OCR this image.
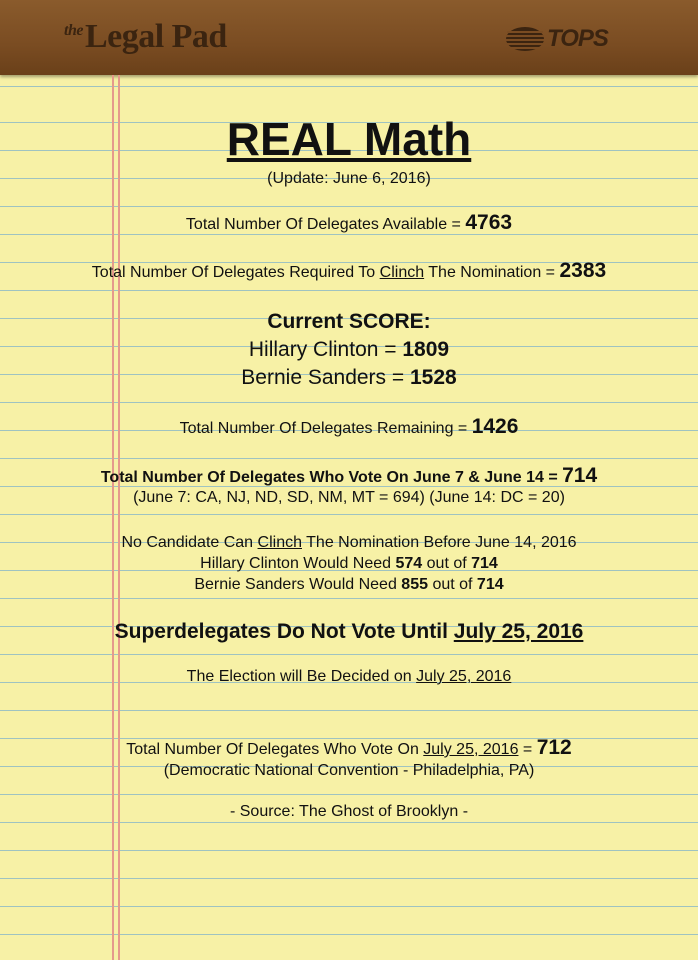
$^{the}$Legal Pad	TOPS
REAL Math
(Update: June 6, 2016)
Total Number Of Delegates Available = 4763
Total Number Of Delegates Required To Clinch The Nomination = 2383
Current SCORE:
Hillary Clinton = 1809
Bernie Sanders = 1528
Total Number Of Delegates Remaining = 1426
Total Number Of Delegates Who Vote On June 7 & June 14 = 714
(June 7: CA, NJ, ND, SD, NM, MT = 694) (June 14: DC = 20)
No Candidate Can Clinch The Nomination Before June 14, 2016
Hillary Clinton Would Need 574 out of 714
Bernie Sanders Would Need 855 out of 714
Superdelegates Do Not Vote Until July 25, 2016
The Election will Be Decided on July 25, 2016
Total Number Of Delegates Who Vote On July 25, 2016 = 712
(Democratic National Convention - Philadelphia, PA)
- Source: The Ghost of Brooklyn -
